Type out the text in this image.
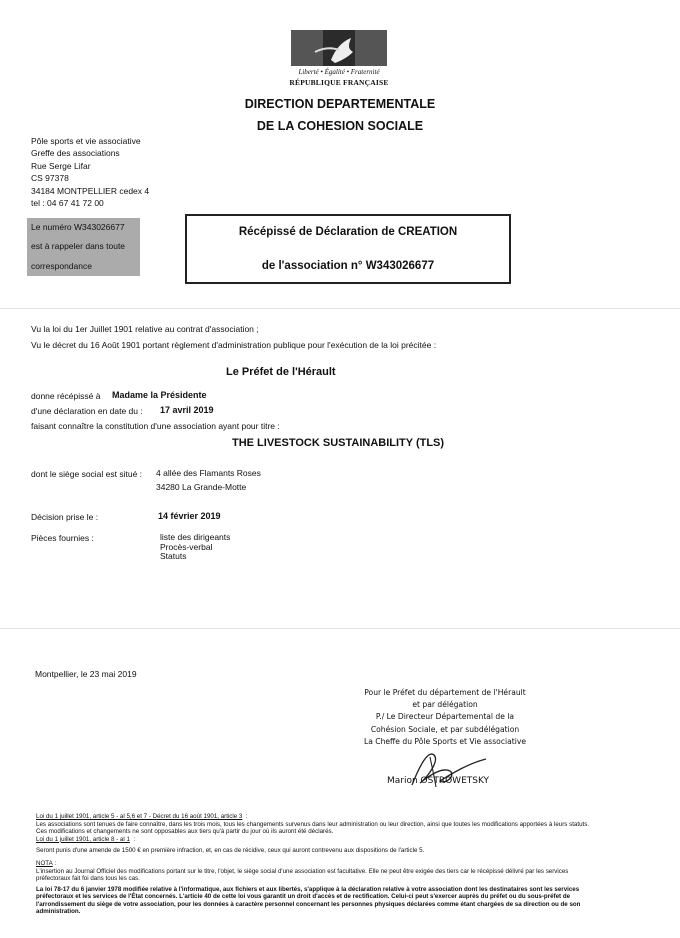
Liberté • Égalité • Fraternité
RÉPUBLIQUE FRANÇAISE
DIRECTION DEPARTEMENTALE
DE LA COHESION SOCIALE
Pôle sports et vie associative
Greffe des associations
Rue Serge Lifar
CS 97378
34184 MONTPELLIER cedex 4
tel : 04 67 41 72 00
Le numéro W343026677
est à rappeler dans toute
correspondance
Récépissé de Déclaration de CREATION
de l'association n° W343026677
Vu la loi du 1er Juillet 1901 relative au contrat d'association ;
Vu le décret du 16 Août 1901 portant règlement d'administration publique pour l'exécution de la loi précitée :
Le Préfet de l'Hérault
donne récépissé à Madame la Présidente
d'une déclaration en date du : 17 avril 2019
faisant connaître la constitution d'une association ayant pour titre :
THE LIVESTOCK SUSTAINABILITY (TLS)
dont le siège social est situé : 4 allée des Flamants Roses
34280 La Grande-Motte
Décision prise le :	14 février 2019
Pièces fournies :	liste des dirigeants
Procès-verbal
Statuts
Montpellier, le 23 mai 2019
Pour le Préfet du département de l'Hérault
et par délégation
P./ Le Directeur Départemental de la
Cohésion Sociale, et par subdélégation
La Cheffe du Pôle Sports et Vie associative
Marion OSTROWETSKY
Loi du 1 juillet 1901, article 5 - al 5,6 et 7 - Décret du 16 août 1901, article 3 :
Les associations sont tenues de faire connaître, dans les trois mois, tous les changements survenus dans leur administration ou leur direction, ainsi que toutes les modifications apportées à leurs statuts.
Ces modifications et changements ne sont opposables aux tiers qu'à partir du jour où ils auront été déclarés.
Loi du 1 juillet 1901, article 8 - al 1 :
Seront punis d'une amende de 1500 € en première infraction, et, en cas de récidive, ceux qui auront contrevenu aux dispositions de l'article 5.
NOTA :
L'insertion au Journal Officiel des modifications portant sur le titre, l'objet, le siège social d'une association est facultative. Elle ne peut être exigée des tiers car le récépissé délivré par les services
préfectoraux fait foi dans tous les cas.
La loi 78-17 du 6 janvier 1978 modifiée relative à l'informatique, aux fichiers et aux libertés, s'applique à la déclaration relative à votre association dont les destinataires sont les services
préfectoraux et les services de l'État concernés. L'article 40 de cette loi vous garantit un droit d'accès et de rectification. Celui-ci peut s'exercer auprès du préfet ou du sous-préfet de
l'arrondissement du siège de votre association, pour les données à caractère personnel concernant les personnes physiques déclarées comme étant chargées de sa direction ou de son
administration.
